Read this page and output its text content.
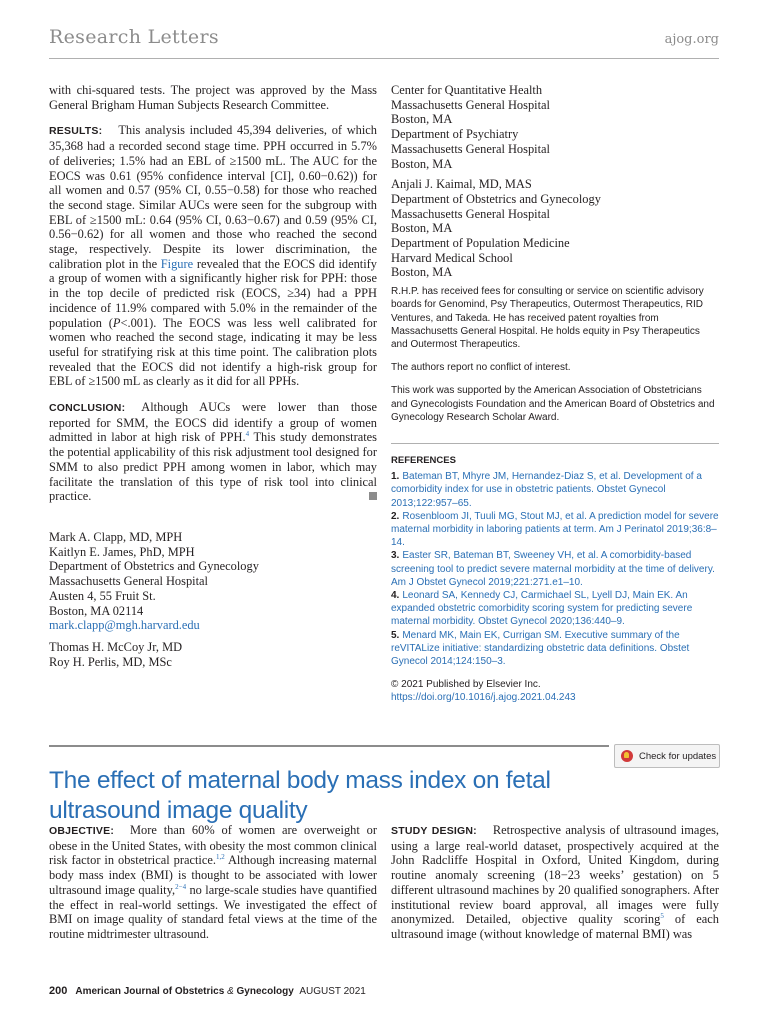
Research Letters	ajog.org

with chi-squared tests. The project was approved by the Mass General Brigham Human Subjects Research Committee.

RESULTS: This analysis included 45,394 deliveries, of which 35,368 had a recorded second stage time. PPH occurred in 5.7% of deliveries; 1.5% had an EBL of ≥1500 mL. The AUC for the EOCS was 0.61 (95% confidence interval [CI], 0.60−0.62)) for all women and 0.57 (95% CI, 0.55−0.58) for those who reached the second stage. Similar AUCs were seen for the subgroup with EBL of ≥1500 mL: 0.64 (95% CI, 0.63−0.67) and 0.59 (95% CI, 0.56−0.62) for all women and those who reached the second stage, respectively. Despite its lower discrimination, the calibration plot in the Figure revealed that the EOCS did identify a group of women with a significantly higher risk for PPH: those in the top decile of predicted risk (EOCS, ≥34) had a PPH incidence of 11.9% compared with 5.0% in the remainder of the population (P<.001). The EOCS was less well calibrated for women who reached the second stage, indicating it may be less useful for stratifying risk at this time point. The calibration plots revealed that the EOCS did not identify a high-risk group for EBL of ≥1500 mL as clearly as it did for all PPHs.

CONCLUSION: Although AUCs were lower than those reported for SMM, the EOCS did identify a group of women admitted in labor at high risk of PPH.$^4$ This study demonstrates the potential applicability of this risk adjustment tool designed for SMM to also predict PPH among women in labor, which may facilitate the translation of this type of risk tool into clinical practice.

Mark A. Clapp, MD, MPH
Kaitlyn E. James, PhD, MPH
Department of Obstetrics and Gynecology
Massachusetts General Hospital
Austen 4, 55 Fruit St.
Boston, MA 02114
mark.clapp@mgh.harvard.edu
Thomas H. McCoy Jr, MD
Roy H. Perlis, MD, MSc
Center for Quantitative Health
Massachusetts General Hospital
Boston, MA
Department of Psychiatry
Massachusetts General Hospital
Boston, MA
Anjali J. Kaimal, MD, MAS
Department of Obstetrics and Gynecology
Massachusetts General Hospital
Boston, MA
Department of Population Medicine
Harvard Medical School
Boston, MA

R.H.P. has received fees for consulting or service on scientific advisory boards for Genomind, Psy Therapeutics, Outermost Therapeutics, RID Ventures, and Takeda. He has received patent royalties from Massachusetts General Hospital. He holds equity in Psy Therapeutics and Outermost Therapeutics.

The authors report no conflict of interest.

This work was supported by the American Association of Obstetricians and Gynecologists Foundation and the American Board of Obstetrics and Gynecology Research Scholar Award.

REFERENCES
1. Bateman BT, Mhyre JM, Hernandez-Diaz S, et al. Development of a comorbidity index for use in obstetric patients. Obstet Gynecol 2013;122:957–65.
2. Rosenbloom JI, Tuuli MG, Stout MJ, et al. A prediction model for severe maternal morbidity in laboring patients at term. Am J Perinatol 2019;36:8–14.
3. Easter SR, Bateman BT, Sweeney VH, et al. A comorbidity-based screening tool to predict severe maternal morbidity at the time of delivery. Am J Obstet Gynecol 2019;221:271.e1–10.
4. Leonard SA, Kennedy CJ, Carmichael SL, Lyell DJ, Main EK. An expanded obstetric comorbidity scoring system for predicting severe maternal morbidity. Obstet Gynecol 2020;136:440–9.
5. Menard MK, Main EK, Currigan SM. Executive summary of the reVITALize initiative: standardizing obstetric data definitions. Obstet Gynecol 2014;124:150–3.

© 2021 Published by Elsevier Inc. https://doi.org/10.1016/j.ajog.2021.04.243

The effect of maternal body mass index on fetal ultrasound image quality
Check for updates

OBJECTIVE: More than 60% of women are overweight or obese in the United States, with obesity the most common clinical risk factor in obstetrical practice.$^{1,2}$ Although increasing maternal body mass index (BMI) is thought to be associated with lower ultrasound image quality,$^{2-4}$ no large-scale studies have quantified the effect in real-world settings. We investigated the effect of BMI on image quality of standard fetal views at the time of the routine midtrimester ultrasound.

STUDY DESIGN: Retrospective analysis of ultrasound images, using a large real-world dataset, prospectively acquired at the John Radcliffe Hospital in Oxford, United Kingdom, during routine anomaly screening (18−23 weeks’ gestation) on 5 different ultrasound machines by 20 qualified sonographers. After institutional review board approval, all images were fully anonymized. Detailed, objective quality scoring$^5$ of each ultrasound image (without knowledge of maternal BMI) was

200 American Journal of Obstetrics & Gynecology AUGUST 2021
